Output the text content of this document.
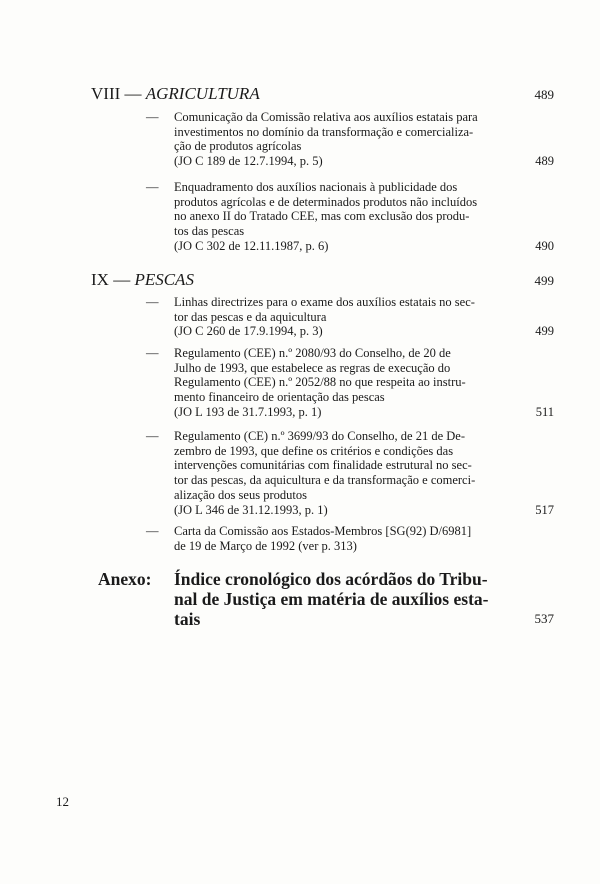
VIII — AGRICULTURA	489
— Comunicação da Comissão relativa aos auxílios estatais para
investimentos no domínio da transformação e comercializa-
ção de produtos agrícolas
(JO C 189 de 12.7.1994, p. 5)	489
— Enquadramento dos auxílios nacionais à publicidade dos
produtos agrícolas e de determinados produtos não incluídos
no anexo II do Tratado CEE, mas com exclusão dos produ-
tos das pescas
(JO C 302 de 12.11.1987, p. 6)	490
IX — PESCAS	499
— Linhas directrizes para o exame dos auxílios estatais no sec-
tor das pescas e da aquicultura
(JO C 260 de 17.9.1994, p. 3)	499
— Regulamento (CEE) n.º 2080/93 do Conselho, de 20 de
Julho de 1993, que estabelece as regras de execução do
Regulamento (CEE) n.º 2052/88 no que respeita ao instru-
mento financeiro de orientação das pescas
(JO L 193 de 31.7.1993, p. 1)	511
— Regulamento (CE) n.º 3699/93 do Conselho, de 21 de De-
zembro de 1993, que define os critérios e condições das
intervenções comunitárias com finalidade estrutural no sec-
tor das pescas, da aquicultura e da transformação e comerci-
alização dos seus produtos
(JO L 346 de 31.12.1993, p. 1)	517
— Carta da Comissão aos Estados-Membros [SG(92) D/6981]
de 19 de Março de 1992 (ver p. 313)
Anexo: Índice cronológico dos acórdãos do Tribu-
nal de Justiça em matéria de auxílios esta-
tais	537
12
